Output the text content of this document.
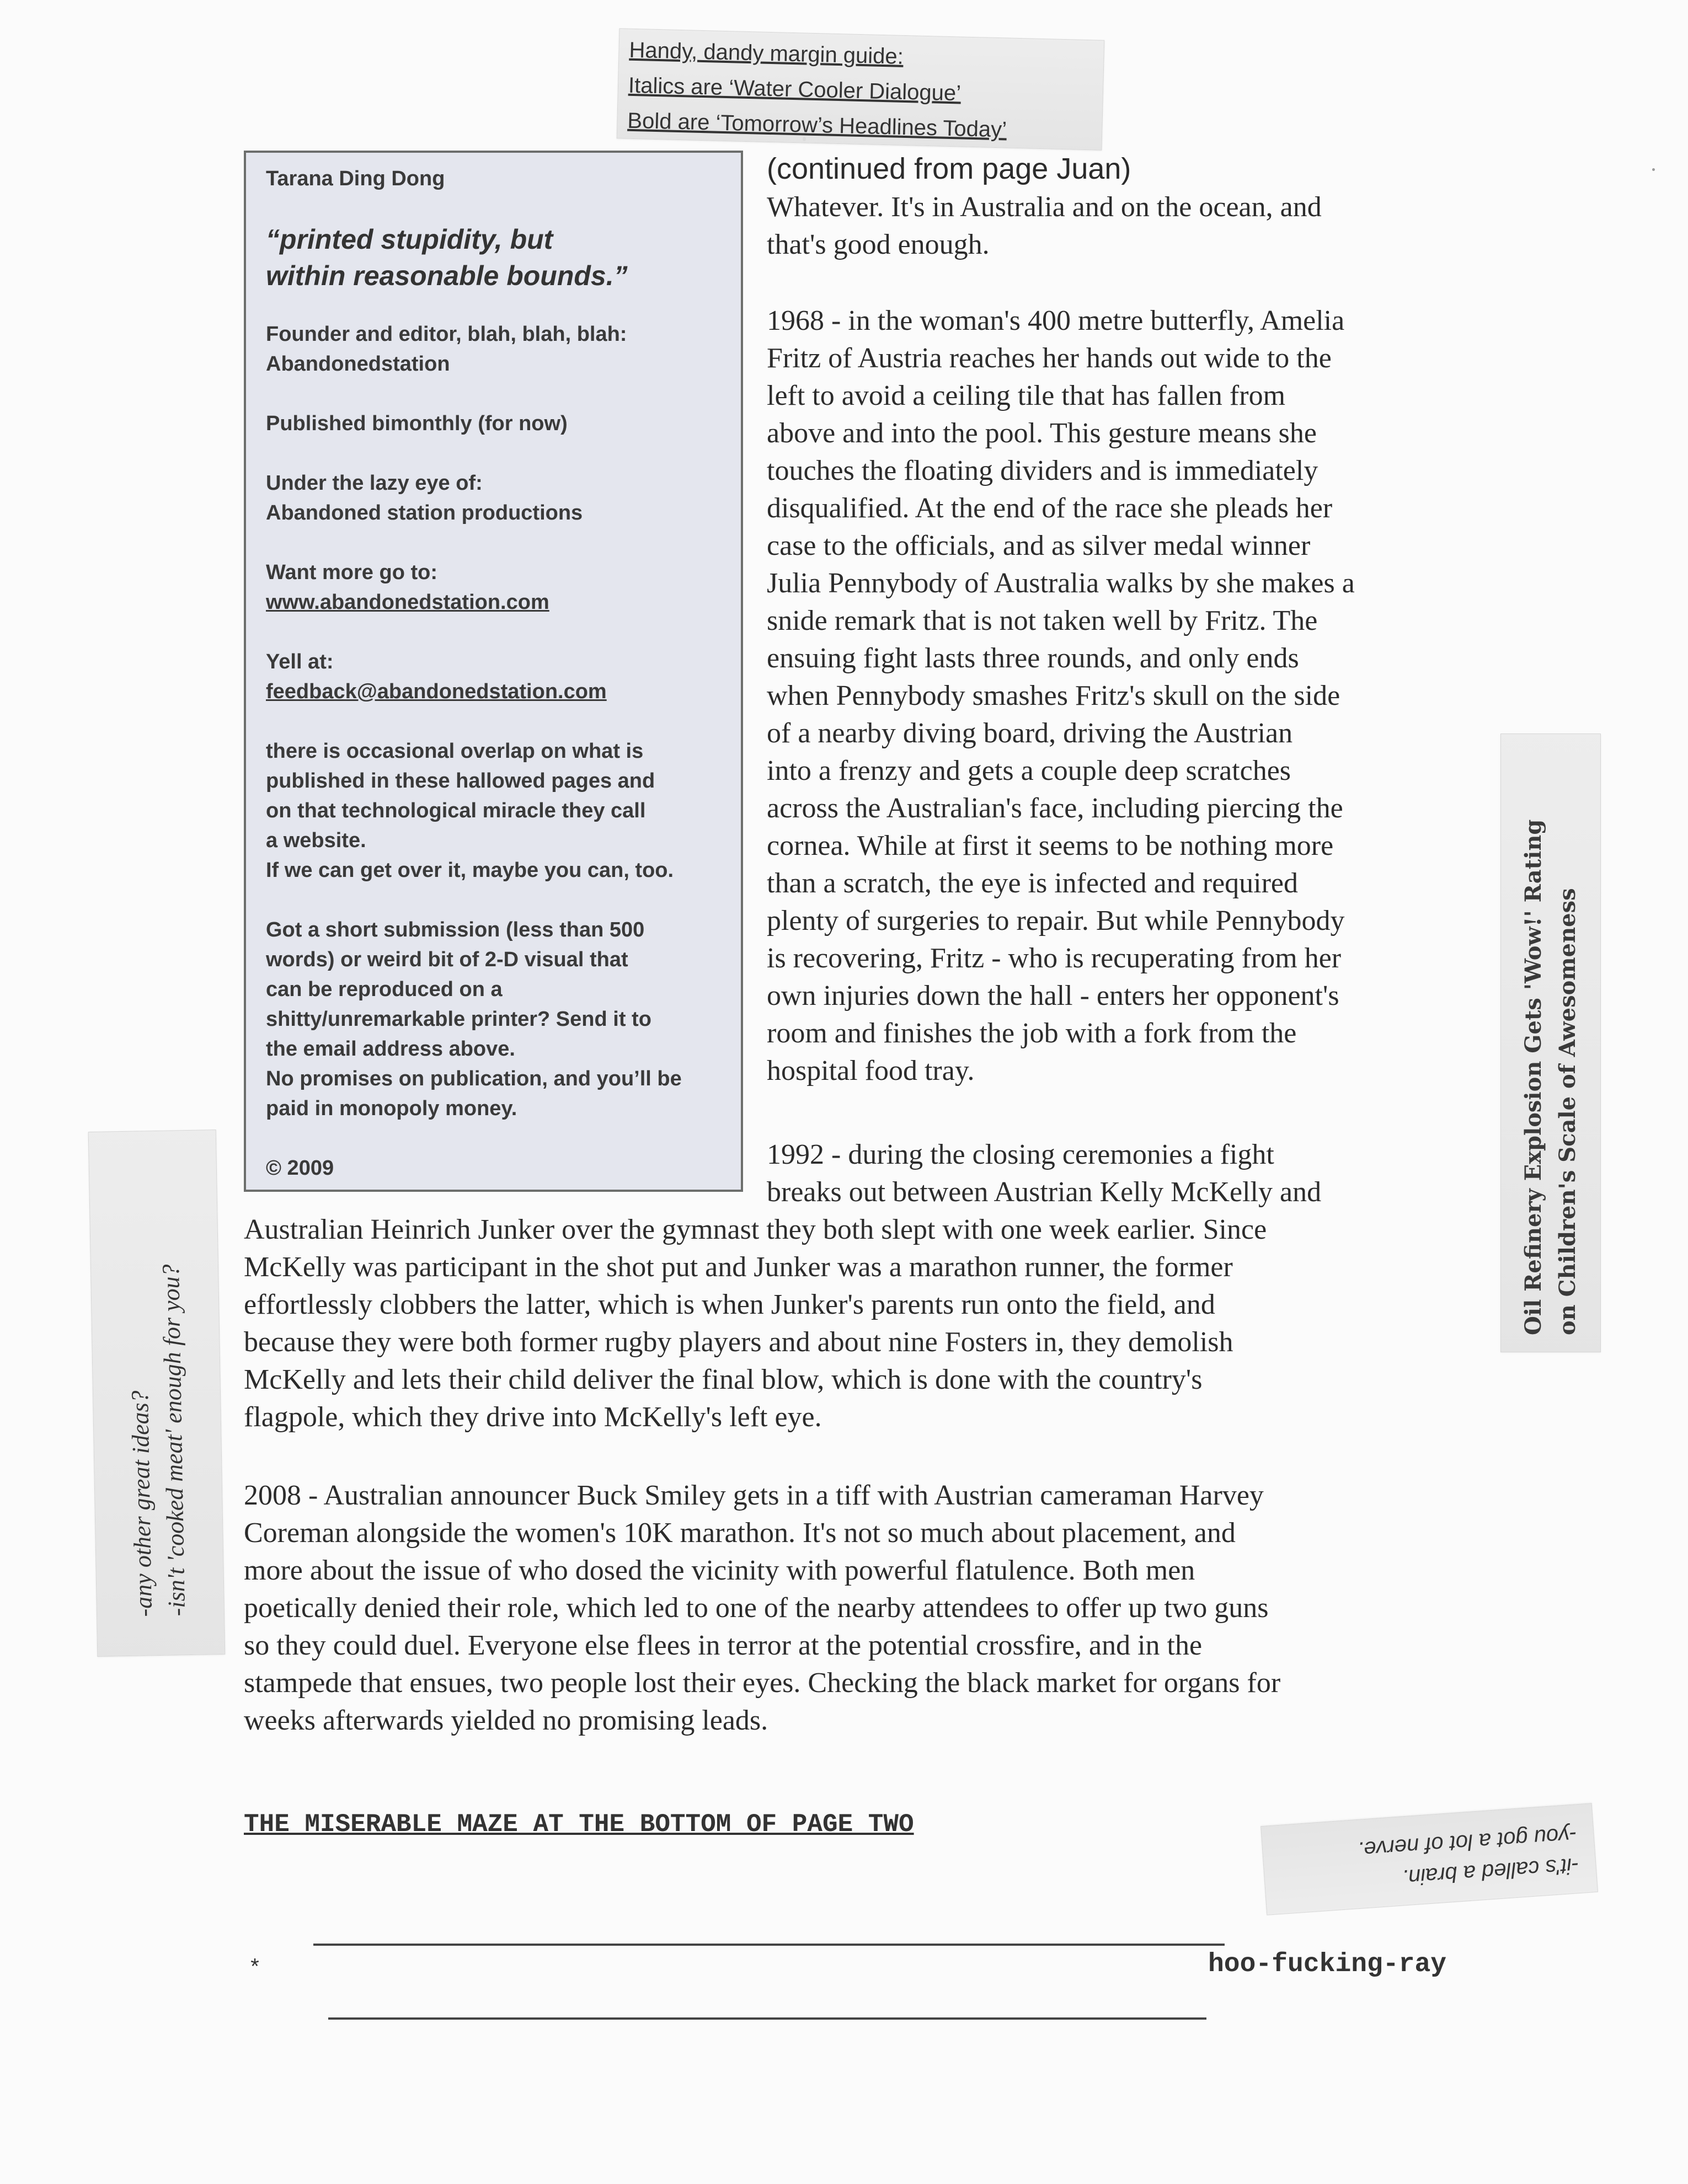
Handy, dandy margin guide:
Italics are ‘Water Cooler Dialogue’
Bold are ‘Tomorrow’s Headlines Today’

Tarana Ding Dong

“printed stupidity, but
within reasonable bounds.”

Founder and editor, blah, blah, blah:

Abandonedstation

Published bimonthly (for now)

Under the lazy eye of:

Abandoned station productions

Want more go to:

www.abandonedstation.com

Yell at:

feedback@abandonedstation.com

there is occasional overlap on what is

published in these hallowed pages and

on that technological miracle they call

a website.

If we can get over it, maybe you can, too.

Got a short submission (less than 500

words) or weird bit of 2-D visual that

can be reproduced on a

shitty/unremarkable printer? Send it to

the email address above.

No promises on publication, and you’ll be

paid in monopoly money.

© 2009

(continued from page Juan)
Whatever. It's in Australia and on the ocean, and
that's good enough.
1968 - in the woman's 400 metre butterfly, Amelia
Fritz of Austria reaches her hands out wide to the
left to avoid a ceiling tile that has fallen from
above and into the pool. This gesture means she
touches the floating dividers and is immediately
disqualified. At the end of the race she pleads her
case to the officials, and as silver medal winner
Julia Pennybody of Australia walks by she makes a
snide remark that is not taken well by Fritz. The
ensuing fight lasts three rounds, and only ends
when Pennybody smashes Fritz's skull on the side
of a nearby diving board, driving the Austrian
into a frenzy and gets a couple deep scratches
across the Australian's face, including piercing the
cornea. While at first it seems to be nothing more
than a scratch, the eye is infected and required
plenty of surgeries to repair. But while Pennybody
is recovering, Fritz - who is recuperating from her
own injuries down the hall - enters her opponent's
room and finishes the job with a fork from the
hospital food tray.
1992 - during the closing ceremonies a fight
breaks out between Austrian Kelly McKelly and
Australian Heinrich Junker over the gymnast they both slept with one week earlier. Since
McKelly was participant in the shot put and Junker was a marathon runner, the former
effortlessly clobbers the latter, which is when Junker's parents run onto the field, and
because they were both former rugby players and about nine Fosters in, they demolish
McKelly and lets their child deliver the final blow, which is done with the country's
flagpole, which they drive into McKelly's left eye.
2008 - Australian announcer Buck Smiley gets in a tiff with Austrian cameraman Harvey
Coreman alongside the women's 10K marathon. It's not so much about placement, and
more about the issue of who dosed the vicinity with powerful flatulence. Both men
poetically denied their role, which led to one of the nearby attendees to offer up two guns
so they could duel. Everyone else flees in terror at the potential crossfire, and in the
stampede that ensues, two people lost their eyes. Checking the black market for organs for
weeks afterwards yielded no promising leads.
-any other great ideas? -isn't 'cooked meat' enough for you?
Oil Refinery Explosion Gets 'Wow!' Rating on Children's Scale of Awesomeness
THE MISERABLE MAZE AT THE BOTTOM OF PAGE TWO
*	hoo-fucking-ray
-it's called a brain.
-you got a lot of nerve.
